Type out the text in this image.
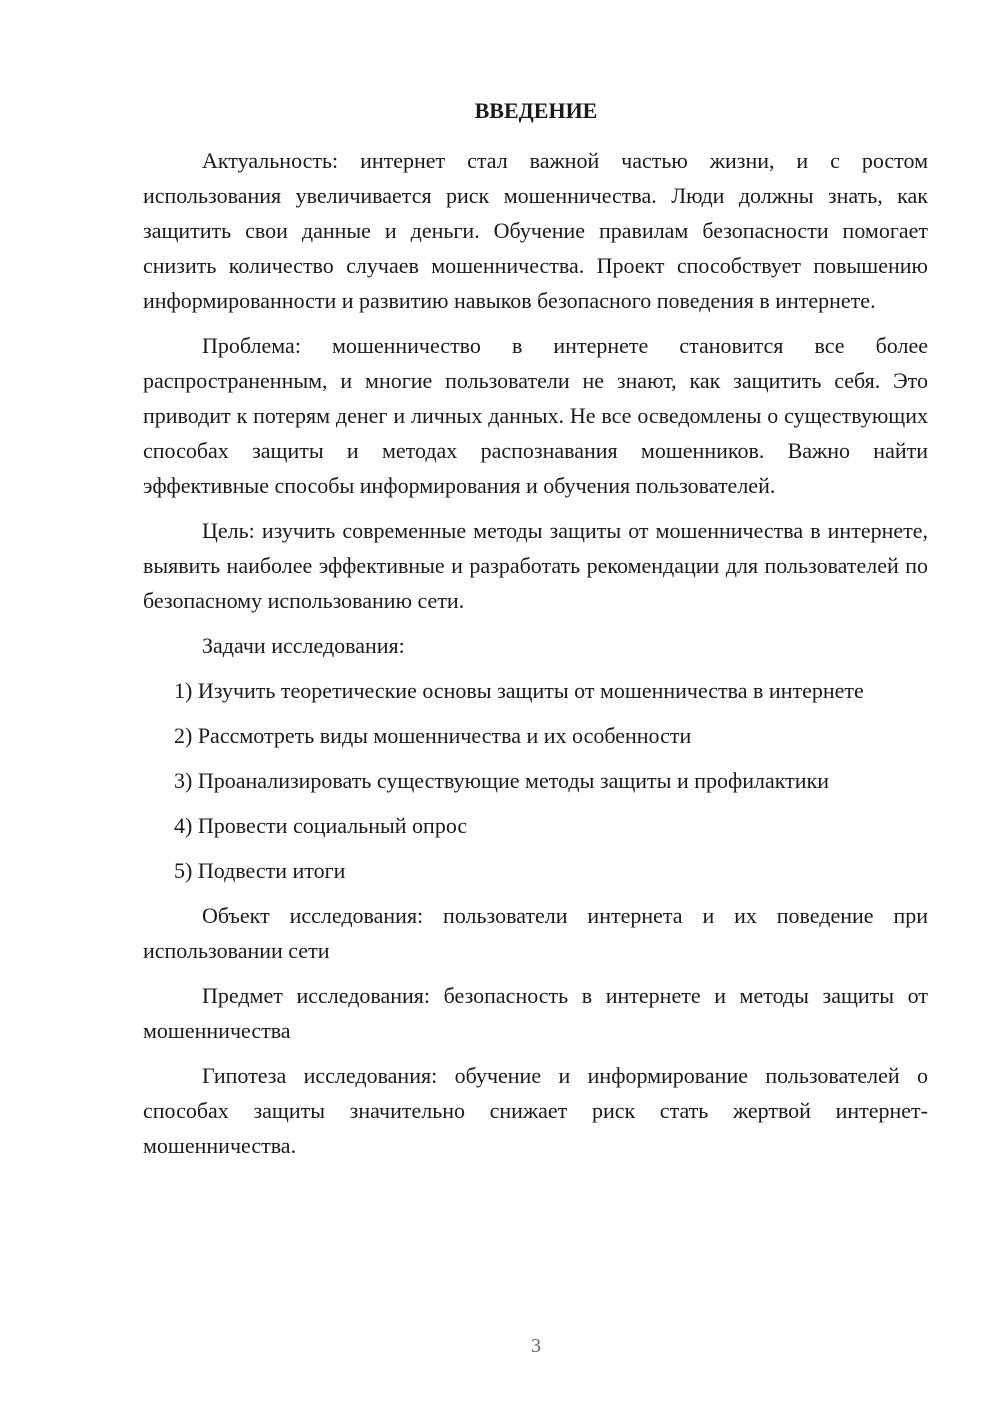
ВВЕДЕНИЕ

Актуальность: интернет стал важной частью жизни, и с ростом использования увеличивается риск мошенничества. Люди должны знать, как защитить свои данные и деньги. Обучение правилам безопасности помогает снизить количество случаев мошенничества. Проект способствует повышению информированности и развитию навыков безопасного поведения в интернете.

Проблема: мошенничество в интернете становится все более распространенным, и многие пользователи не знают, как защитить себя. Это приводит к потерям денег и личных данных. Не все осведомлены о существующих способах защиты и методах распознавания мошенников. Важно найти эффективные способы информирования и обучения пользователей.

Цель: изучить современные методы защиты от мошенничества в интернете, выявить наиболее эффективные и разработать рекомендации для пользователей по безопасному использованию сети.

Задачи исследования:

1) Изучить теоретические основы защиты от мошенничества в интернете

2) Рассмотреть виды мошенничества и их особенности

3) Проанализировать существующие методы защиты и профилактики

4) Провести социальный опрос

5) Подвести итоги

Объект исследования: пользователи интернета и их поведение при использовании сети

Предмет исследования: безопасность в интернете и методы защиты от мошенничества

Гипотеза исследования: обучение и информирование пользователей о способах защиты значительно снижает риск стать жертвой интернет-мошенничества.

3
